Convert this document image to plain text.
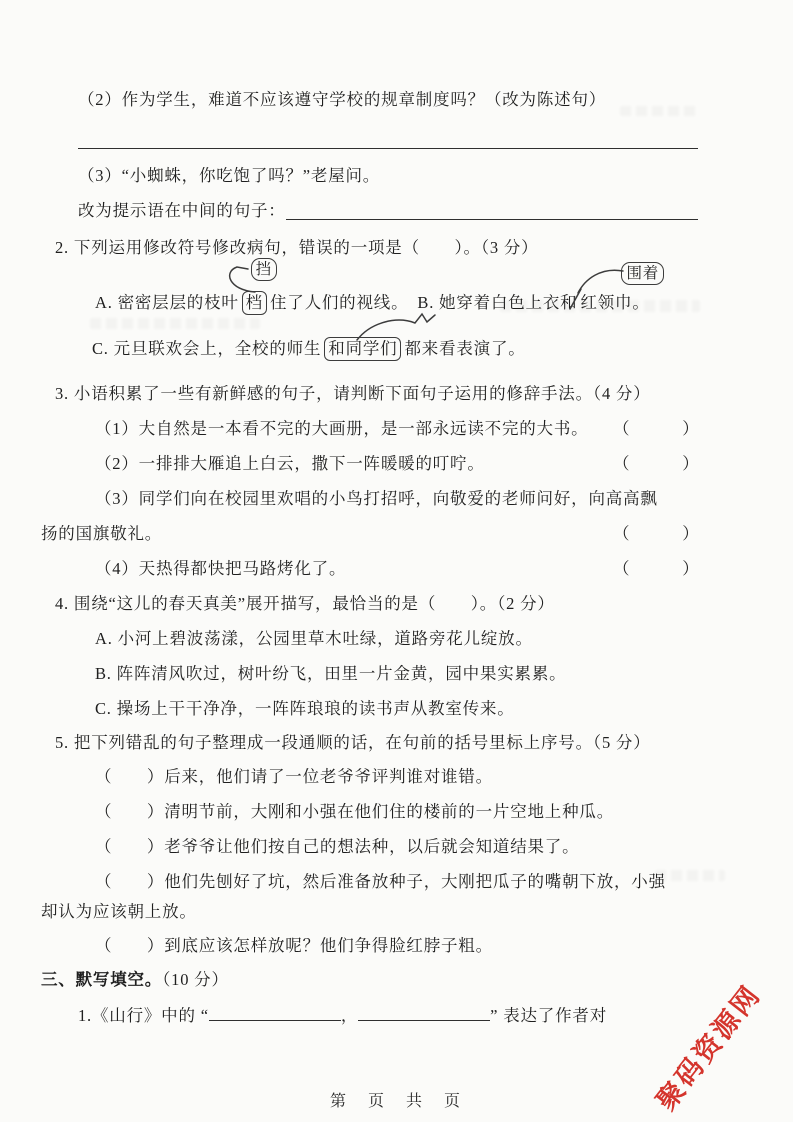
（2）作为学生，难道不应该遵守学校的规章制度吗？（改为陈述句）
（3）“小蜘蛛，你吃饱了吗？”老屋问。
改为提示语在中间的句子：
2. 下列运用修改符号修改病句，错误的一项是（　　）。（3 分）
A. 密密层层的枝叶 档
挡
住了人们的视线。 B. 她穿着白色上衣和
围着
红领巾。
C. 元旦联欢会上，全校的师生 和同学们 都来看表演了。
3. 小语积累了一些有新鲜感的句子，请判断下面句子运用的修辞手法。（4 分）
（1）大自然是一本看不完的大画册，是一部永远读不完的大书。 （　　　）
（2）一排排大雁追上白云，撒下一阵暖暖的叮咛。	（　　　）
（3）同学们向在校园里欢唱的小鸟打招呼，向敬爱的老师问好，向高高飘
扬的国旗敬礼。	（　　　）
（4）天热得都快把马路烤化了。	（　　　）
4. 围绕“这儿的春天真美”展开描写，最恰当的是（　　）。（2 分）
A. 小河上碧波荡漾，公园里草木吐绿，道路旁花儿绽放。
B. 阵阵清风吹过，树叶纷飞，田里一片金黄，园中果实累累。
C. 操场上干干净净，一阵阵琅琅的读书声从教室传来。
5. 把下列错乱的句子整理成一段通顺的话，在句前的括号里标上序号。（5 分）
（　　）后来，他们请了一位老爷爷评判谁对谁错。
（　　）清明节前，大刚和小强在他们住的楼前的一片空地上种瓜。
（　　）老爷爷让他们按自己的想法种，以后就会知道结果了。
（　　）他们先刨好了坑，然后准备放种子，大刚把瓜子的嘴朝下放，小强
却认为应该朝上放。
（　　）到底应该怎样放呢？他们争得脸红脖子粗。
三、默写填空。（10 分）
1.《山行》中的 “	，	” 表达了作者对
第　页　共　页	聚码资源网
